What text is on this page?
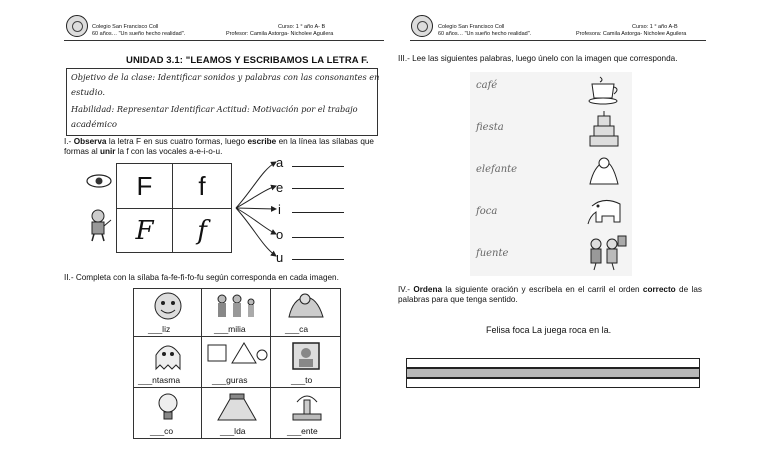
Colegio San Francisco Coll
60 años… "Un sueño hecho realidad".
Curso: 1 ° año A- B
Profesor: Camila Astorga- Nicholee Aguilera
Colegio San Francisco Coll
60 años… "Un sueño hecho realidad".
Curso: 1 ° año A-B
Profesora: Camila Astorga- Nicholee Aguilera
UNIDAD 3.1: "LEAMOS Y ESCRIBAMOS LA LETRA F.
Objetivo de la clase: Identificar sonidos y palabras con las consonantes en
estudio.
Habilidad: Representar Identificar Actitud: Motivación por el trabajo
académico
I.- Observa la letra F en sus cuatro formas, luego escribe en la línea las sílabas que formas al unir la f con las vocales a-e-i-o-u.
F	f
F	f
a
e
i
o
u
II.- Completa con la sílaba fa-fe-fi-fo-fu según corresponda en cada imagen.
___liz	___milia	___ca
___ntasma	___guras	___to
___co	___lda	___ente
III.- Lee las siguientes palabras, luego únelo con la imagen que corresponda.
café
fiesta
elefante
foca
fuente
IV.- Ordena la siguiente oración y escríbela en el carril el orden correcto de las palabras para que tenga sentido.
Felisa foca La juega roca en la.
